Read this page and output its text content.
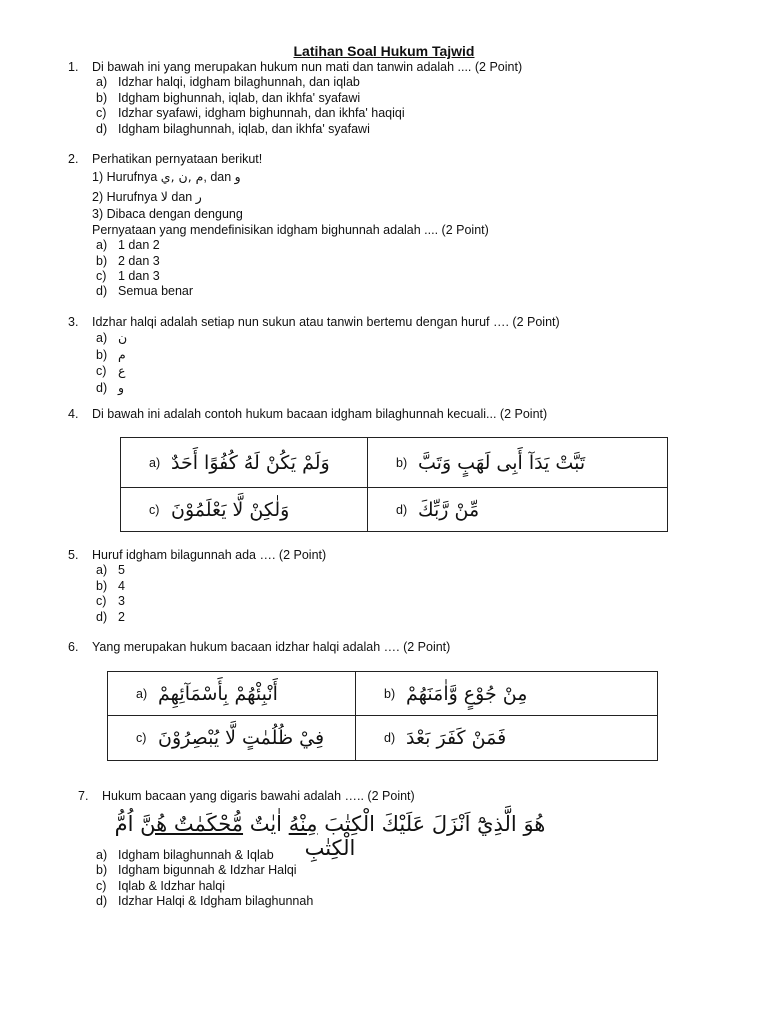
Latihan Soal Hukum Tajwid
1. Di bawah ini yang merupakan hukum nun mati dan tanwin adalah .... (2 Point)
a) Idzhar halqi, idgham bilaghunnah, dan iqlab
b) Idgham bighunnah, iqlab, dan ikhfa' syafawi
c) Idzhar syafawi, idgham bighunnah, dan ikhfa' haqiqi
d) Idgham bilaghunnah, iqlab, dan ikhfa' syafawi
2. Perhatikan pernyataan berikut!
1) Hurufnya م ,ن ,ي, dan و
2) Hurufnya لا dan ر
3) Dibaca dengan dengung
Pernyataan yang mendefinisikan idgham bighunnah adalah .... (2 Point)
a) 1 dan 2
b) 2 dan 3
c) 1 dan 3
d) Semua benar
3. Idzhar halqi adalah setiap nun sukun atau tanwin bertemu dengan huruf …. (2 Point)
a) ن
b) م
c) ع
d) و
4. Di bawah ini adalah contoh hukum bacaan idgham bilaghunnah kecuali... (2 Point)
a) وَلَمْ يَكُنْ لَهُ كُفُوًا أَحَدٌ	b) تَبَّتْ يَدَآ أَبِى لَهَبٍ وَتَبَّ

c) وَلٰكِنْ لَّا يَعْلَمُوْنَ	d) مِّنْ رَّبِّكَ
5. Huruf idgham bilagunnah ada …. (2 Point)
a) 5
b) 4
c) 3
d) 2
6. Yang merupakan hukum bacaan idzhar halqi adalah …. (2 Point)
a) أَنْبِئْهُمْ بِأَسْمَآئِهِمْ	b) مِنْ جُوْعٍ وَّاٰمَنَهُمْ

c) فِيْ ظُلُمٰتٍ لَّا يُبْصِرُوْنَ	d) فَمَنْ كَفَرَ بَعْدَ
7. Hukum bacaan yang digaris bawahi adalah ….. (2 Point)
هُوَ الَّذِيْٓ اَنْزَلَ عَلَيْكَ الْكِتٰبَ مِنْهُ اٰيٰتٌ مُّحْكَمٰتٌ هُنَّ اُمُّ الْكِتٰبِ
a) Idgham bilaghunnah & Iqlab
b) Idgham bigunnah & Idzhar Halqi
c) Iqlab & Idzhar halqi
d) Idzhar Halqi & Idgham bilaghunnah
